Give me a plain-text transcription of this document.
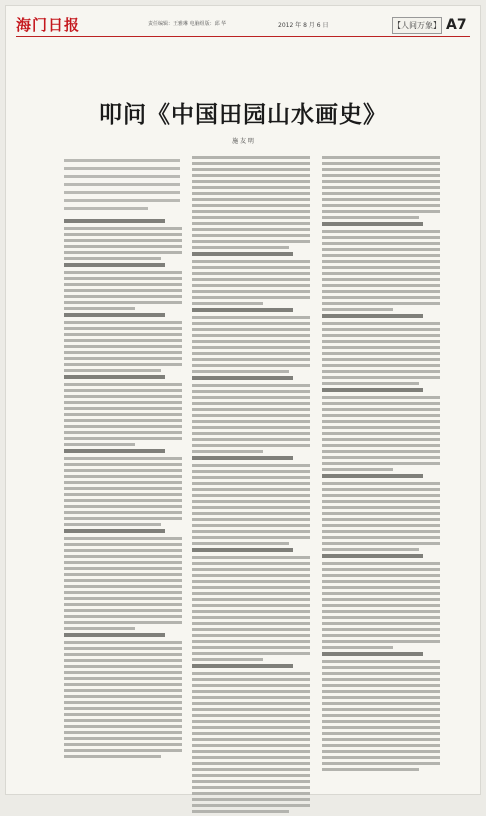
海门日报	责任编辑：王雅琳 电脑组版：邱 华	2012 年 8 月 6 日	【人间万象】 A7
叩问《中国田园山水画史》
施 友 明
